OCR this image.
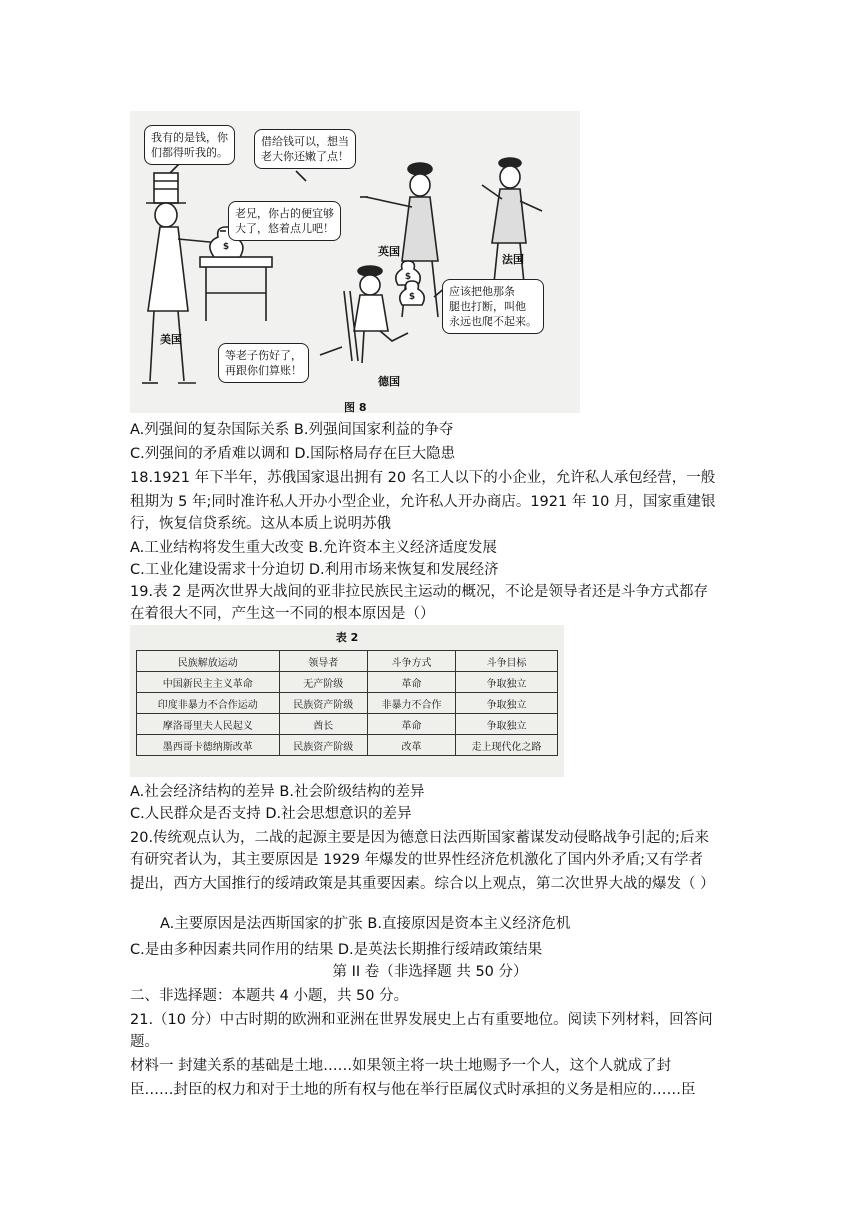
$
$
$
我有的是钱，你
们都得听我的。
借给钱可以，想当
老大你还嫩了点！
老兄，你占的便宜够
大了，悠着点儿吧！
应该把他那条
腿也打断，叫他
永远也爬不起来。
等老子伤好了，
再跟你们算账！
美国
英国
法国
德国
图 8
A.列强间的复杂国际关系 B.列强间国家利益的争夺
C.列强间的矛盾难以调和 D.国际格局存在巨大隐患
18.1921 年下半年，苏俄国家退出拥有 20 名工人以下的小企业，允许私人承包经营，一般
租期为 5 年;同时准许私人开办小型企业，允许私人开办商店。1921 年 10 月，国家重建银
行，恢复信贷系统。这从本质上说明苏俄
A.工业结构将发生重大改变 B.允许资本主义经济适度发展
C.工业化建设需求十分迫切 D.利用市场来恢复和发展经济
19.表 2 是两次世界大战间的亚非拉民族民主运动的概况，不论是领导者还是斗争方式都存
在着很大不同，产生这一不同的根本原因是（）
表 2
民族解放运动	领导者	斗争方式	斗争目标
中国新民主主义革命	无产阶级	革命	争取独立
印度非暴力不合作运动	民族资产阶级	非暴力不合作	争取独立
摩洛哥里夫人民起义	酋长	革命	争取独立
墨西哥卡德纳斯改革	民族资产阶级	改革	走上现代化之路
A.社会经济结构的差异 B.社会阶级结构的差异
C.人民群众是否支持 D.社会思想意识的差异
20.传统观点认为，二战的起源主要是因为德意日法西斯国家蓄谋发动侵略战争引起的;后来
有研究者认为，其主要原因是 1929 年爆发的世界性经济危机激化了国内外矛盾;又有学者
提出，西方大国推行的绥靖政策是其重要因素。综合以上观点，第二次世界大战的爆发（ ）
A.主要原因是法西斯国家的扩张 B.直接原因是资本主义经济危机
C.是由多种因素共同作用的结果 D.是英法长期推行绥靖政策结果
第 II 卷（非选择题 共 50 分）
二、非选择题：本题共 4 小题，共 50 分。
21.（10 分）中古时期的欧洲和亚洲在世界发展史上占有重要地位。阅读下列材料，回答问
题。
材料一 封建关系的基础是土地……如果领主将一块土地赐予一个人，这个人就成了封
臣……封臣的权力和对于土地的所有权与他在举行臣属仪式时承担的义务是相应的……臣
